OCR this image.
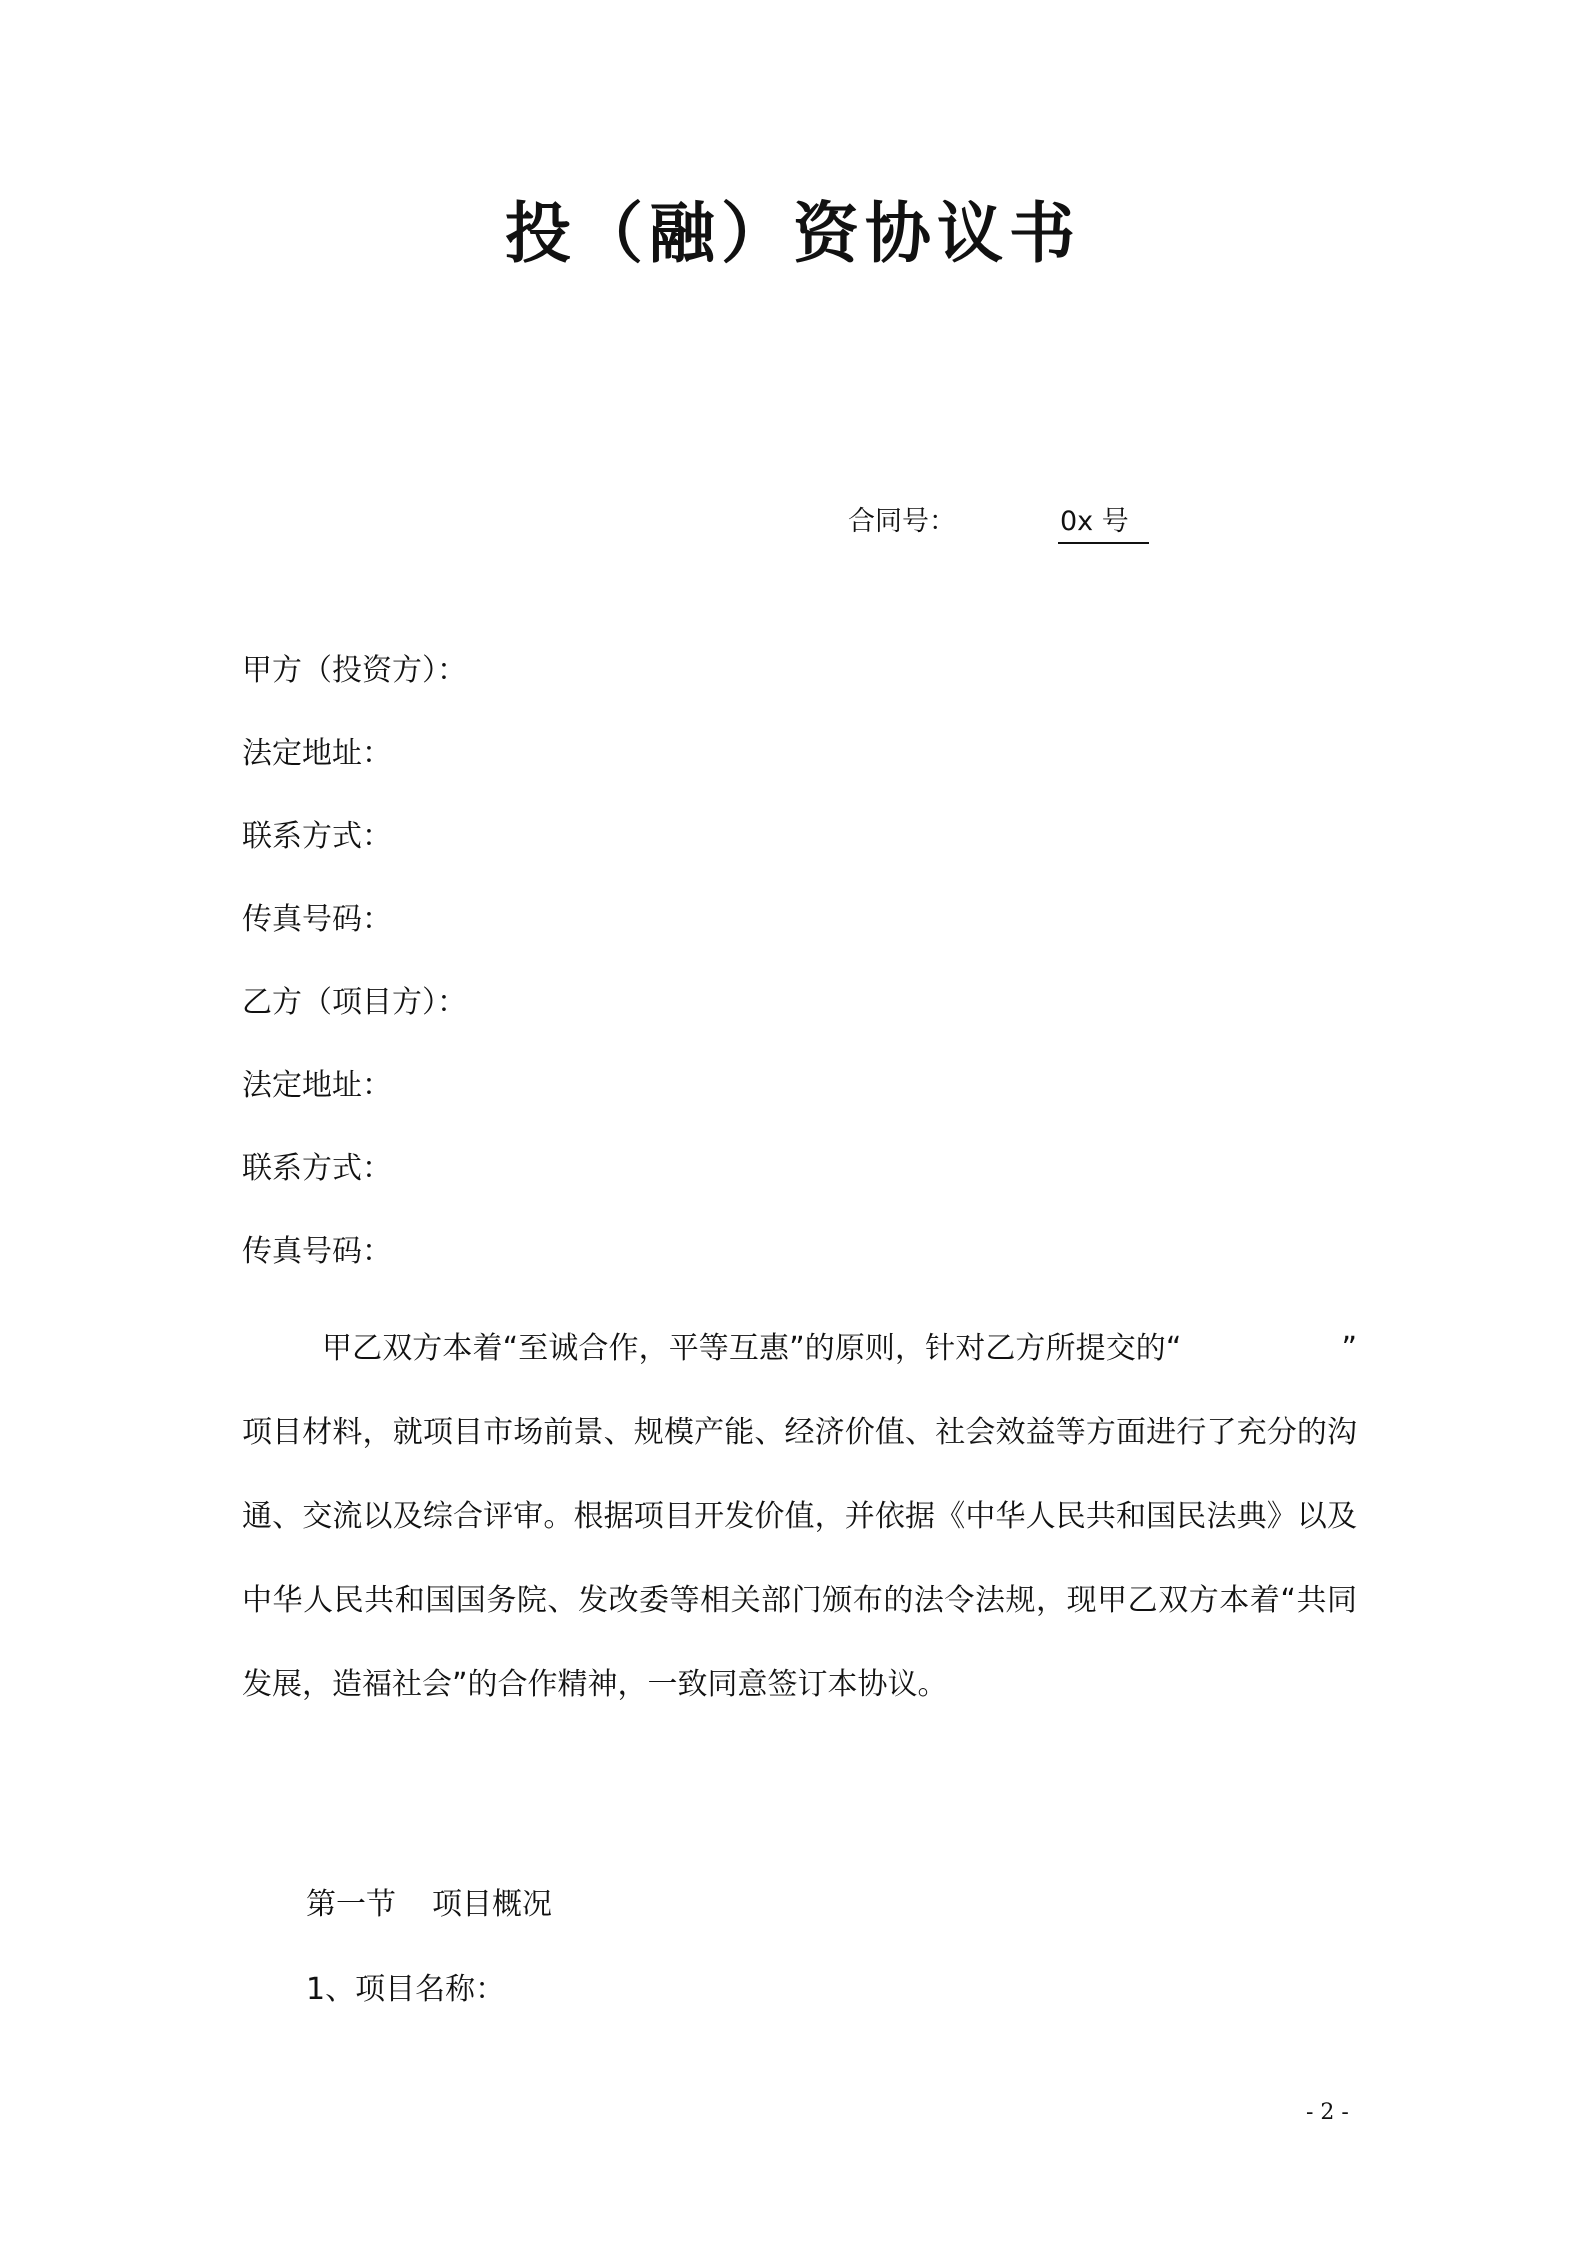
投（融）资协议书
合同号：	0x 号
甲方（投资方）：
法定地址：
联系方式：
传真号码：
乙方（项目方）：
法定地址：
联系方式：
传真号码：

甲乙双方本着“至诚合作，平等互惠”的原则，针对乙方所提交的“	” 项目材料，就项目市场前景、规模产能、经济价值、社会效益等方面进行了充分的沟通、交流以及综合评审。根据项目开发价值，并依据《中华人民共和国民法典》以及中华人民共和国国务院、发改委等相关部门颁布的法令法规，现甲乙双方本着“共同发展，造福社会”的合作精神，一致同意签订本协议。

第一节 项目概况

1、项目名称：

- 2 -
